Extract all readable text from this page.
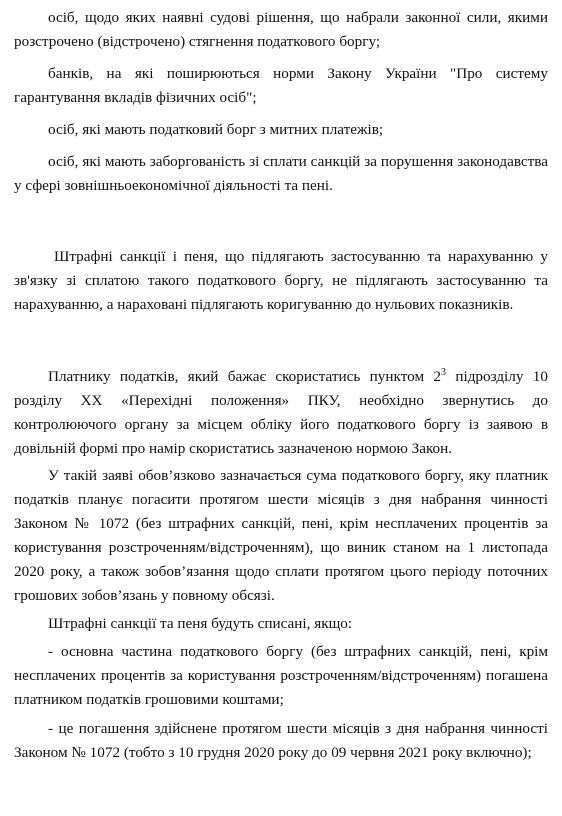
осіб, щодо яких наявні судові рішення, що набрали законної сили, якими розстрочено (відстрочено) стягнення податкового боргу;

банків, на які поширюються норми Закону України "Про систему гарантування вкладів фізичних осіб";

осіб, які мають податковий борг з митних платежів;

осіб, які мають заборгованість зі сплати санкцій за порушення законодавства у сфері зовнішньоекономічної діяльності та пені.

Штрафні санкції і пеня, що підлягають застосуванню та нарахуванню у зв'язку зі сплатою такого податкового боргу, не підлягають застосуванню та нарахуванню, а нараховані підлягають коригуванню до нульових показників.

Платнику податків, який бажає скористатись пунктом $2^3$ підрозділу 10 розділу XX «Перехідні положення» ПКУ, необхідно звернутись до контролюючого органу за місцем обліку його податкового боргу із заявою в довільній формі про намір скористатись зазначеною нормою Закон.

У такій заяві обов’язково зазначається сума податкового боргу, яку платник податків планує погасити протягом шести місяців з дня набрання чинності Законом № 1072 (без штрафних санкцій, пені, крім несплачених процентів за користування розстроченням/відстроченням), що виник станом на 1 листопада 2020 року, а також зобов’язання щодо сплати протягом цього періоду поточних грошових зобов’язань у повному обсязі.

Штрафні санкції та пеня будуть списані, якщо:

- основна частина податкового боргу (без штрафних санкцій, пені, крім несплачених процентів за користування розстроченням/відстроченням) погашена платником податків грошовими коштами;

- це погашення здійснене протягом шести місяців з дня набрання чинності Законом № 1072 (тобто з 10 грудня 2020 року до 09 червня 2021 року включно);
